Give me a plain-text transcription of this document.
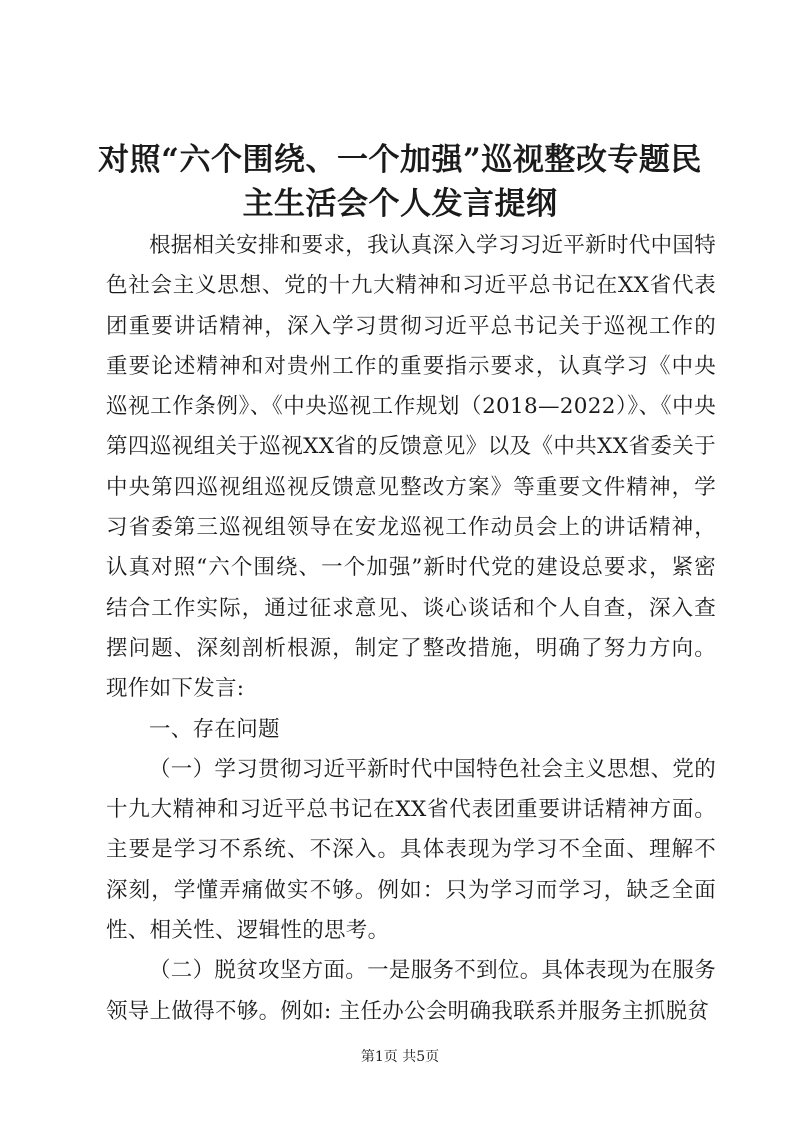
对照“六个围绕、一个加强”巡视整改专题民主生活会个人发言提纲

根据相关安排和要求，我认真深入学习习近平新时代中国特色社会主义思想、党的十九大精神和习近平总书记在XX省代表团重要讲话精神，深入学习贯彻习近平总书记关于巡视工作的重要论述精神和对贵州工作的重要指示要求，认真学习《中央巡视工作条例》、《中央巡视工作规划（2018—2022）》、《中央第四巡视组关于巡视XX省的反馈意见》以及《中共XX省委关于中央第四巡视组巡视反馈意见整改方案》等重要文件精神，学习省委第三巡视组领导在安龙巡视工作动员会上的讲话精神，认真对照“六个围绕、一个加强”新时代党的建设总要求，紧密结合工作实际，通过征求意见、谈心谈话和个人自查，深入查摆问题、深刻剖析根源，制定了整改措施，明确了努力方向。现作如下发言:

一、存在问题

（一）学习贯彻习近平新时代中国特色社会主义思想、党的十九大精神和习近平总书记在XX省代表团重要讲话精神方面。主要是学习不系统、不深入。具体表现为学习不全面、理解不深刻，学懂弄痛做实不够。例如：只为学习而学习，缺乏全面性、相关性、逻辑性的思考。

（二）脱贫攻坚方面。一是服务不到位。具体表现为在服务领导上做得不够。例如: 主任办公会明确我联系并服务主抓脱贫

第1页 共5页
